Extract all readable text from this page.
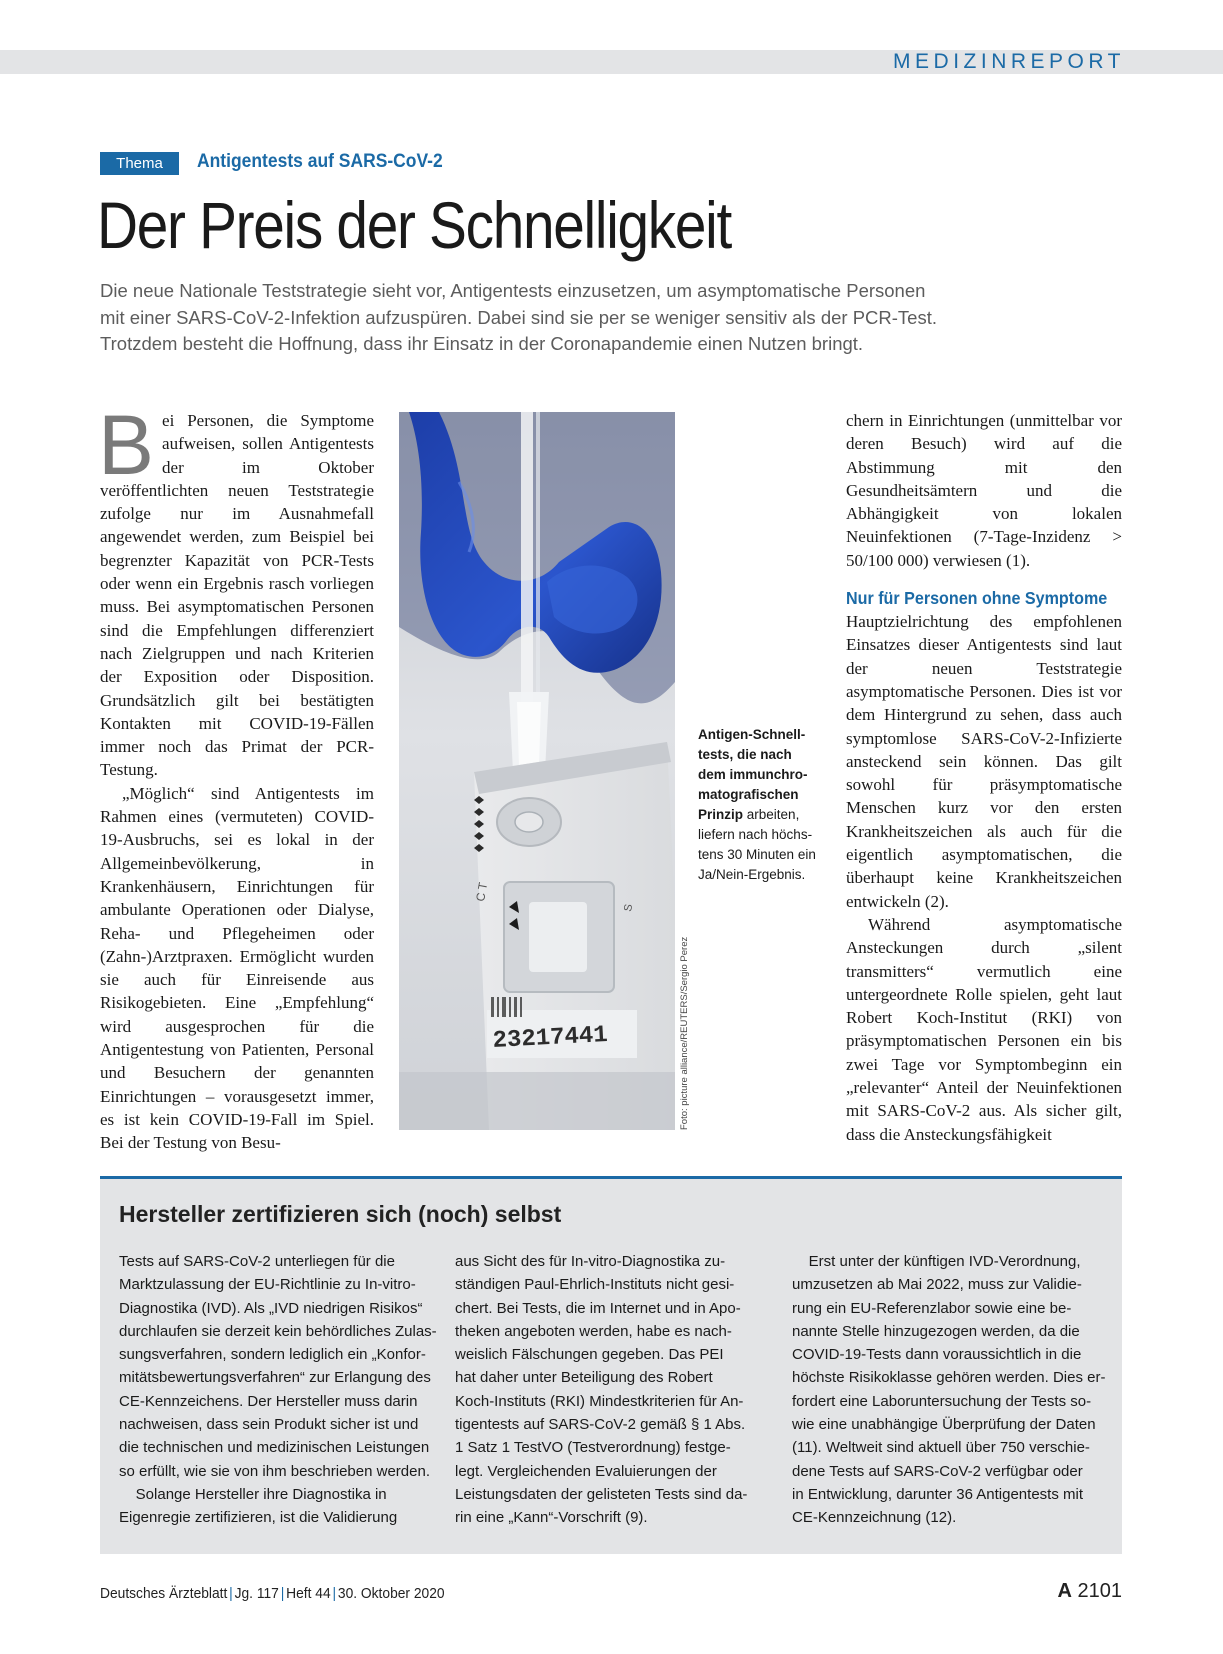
MEDIZINREPORT
Thema	Antigentests auf SARS-CoV-2
Der Preis der Schnelligkeit
Die neue Nationale Teststrategie sieht vor, Antigentests einzusetzen, um asymptomatische Personen
mit einer SARS-CoV-2-Infektion aufzuspüren. Dabei sind sie per se weniger sensitiv als der PCR-Test.
Trotzdem besteht die Hoffnung, dass ihr Einsatz in der Coronapandemie einen Nutzen bringt.

Bei Personen, die Symptome aufweisen, sollen Antigentests der im Oktober veröffentlichten neuen Teststrategie zufolge nur im Ausnahmefall angewendet werden, zum Beispiel bei begrenzter Kapazität von PCR-Tests oder wenn ein Ergebnis rasch vorliegen muss. Bei asymptomatischen Personen sind die Empfehlungen differenziert nach Zielgruppen und nach Kriterien der Exposition oder Disposition. Grundsätzlich gilt bei bestätigten Kontakten mit COVID-19-Fällen immer noch das Primat der PCR-Testung.

„Möglich“ sind Antigentests im Rahmen eines (vermuteten) COVID-19-Ausbruchs, sei es lokal in der Allgemeinbevölkerung, in Krankenhäusern, Einrichtungen für ambulante Operationen oder Dialyse, Reha- und Pflegeheimen oder (Zahn-)Arztpraxen. Ermöglicht wurden sie auch für Einreisende aus Risikogebieten. Eine „Empfehlung“ wird ausgesprochen für die Antigentestung von Patienten, Personal und Besuchern der genannten Einrichtungen – vorausgesetzt immer, es ist kein COVID-19-Fall im Spiel. Bei der Testung von Besu-

C T
S
23217441	Foto: picture alliance/REUTERS/Sergio Perez
Antigen-Schnell-
tests, die nach
dem immunchro-
matografischen
Prinzip arbeiten,
liefern nach höchs-
tens 30 Minuten ein
Ja/Nein-Ergebnis.

chern in Einrichtungen (unmittelbar vor deren Besuch) wird auf die Abstimmung mit den Gesundheitsämtern und die Abhängigkeit von lokalen Neuinfektionen (7-Tage-Inzidenz > 50/100 000) verwiesen (1).

Nur für Personen ohne Symptome

Hauptzielrichtung des empfohlenen Einsatzes dieser Antigentests sind laut der neuen Teststrategie asymptomatische Personen. Dies ist vor dem Hintergrund zu sehen, dass auch symptomlose SARS-CoV-2-Infizierte ansteckend sein können. Das gilt sowohl für präsymptomatische Menschen kurz vor den ersten Krankheitszeichen als auch für die eigentlich asymptomatischen, die überhaupt keine Krankheitszeichen entwickeln (2).

Während asymptomatische Ansteckungen durch „silent transmitters“ vermutlich eine untergeordnete Rolle spielen, geht laut Robert Koch-Institut (RKI) von präsymptomatischen Personen ein bis zwei Tage vor Symptombeginn ein „relevanter“ Anteil der Neuinfektionen mit SARS-CoV-2 aus. Als sicher gilt, dass die Ansteckungsfähigkeit

Hersteller zertifizieren sich (noch) selbst
Tests auf SARS-CoV-2 unterliegen für die
Marktzulassung der EU-Richtlinie zu In-vitro-
Diagnostika (IVD). Als „IVD niedrigen Risikos“
durchlaufen sie derzeit kein behördliches Zulas-
sungsverfahren, sondern lediglich ein „Konfor-
mitätsbewertungsverfahren“ zur Erlangung des
CE-Kennzeichens. Der Hersteller muss darin
nachweisen, dass sein Produkt sicher ist und
die technischen und medizinischen Leistungen
so erfüllt, wie sie von ihm beschrieben werden.
Solange Hersteller ihre Diagnostika in
Eigenregie zertifizieren, ist die Validierung
aus Sicht des für In-vitro-Diagnostika zu-
ständigen Paul-Ehrlich-Instituts nicht gesi-
chert. Bei Tests, die im Internet und in Apo-
theken angeboten werden, habe es nach-
weislich Fälschungen gegeben. Das PEI
hat daher unter Beteiligung des Robert
Koch-Instituts (RKI) Mindestkriterien für An-
tigentests auf SARS-CoV-2 gemäß § 1 Abs.
1 Satz 1 TestVO (Testverordnung) festge-
legt. Vergleichenden Evaluierungen der
Leistungsdaten der gelisteten Tests sind da-
rin eine „Kann“-Vorschrift (9).
Erst unter der künftigen IVD-Verordnung,
umzusetzen ab Mai 2022, muss zur Validie-
rung ein EU-Referenzlabor sowie eine be-
nannte Stelle hinzugezogen werden, da die
COVID-19-Tests dann voraussichtlich in die
höchste Risikoklasse gehören werden. Dies er-
fordert eine Laboruntersuchung der Tests so-
wie eine unabhängige Überprüfung der Daten
(11). Weltweit sind aktuell über 750 verschie-
dene Tests auf SARS-CoV-2 verfügbar oder
in Entwicklung, darunter 36 Antigentests mit
CE-Kennzeichnung (12).
Deutsches Ärzteblatt | Jg. 117 | Heft 44 | 30. Oktober 2020	A 2101
